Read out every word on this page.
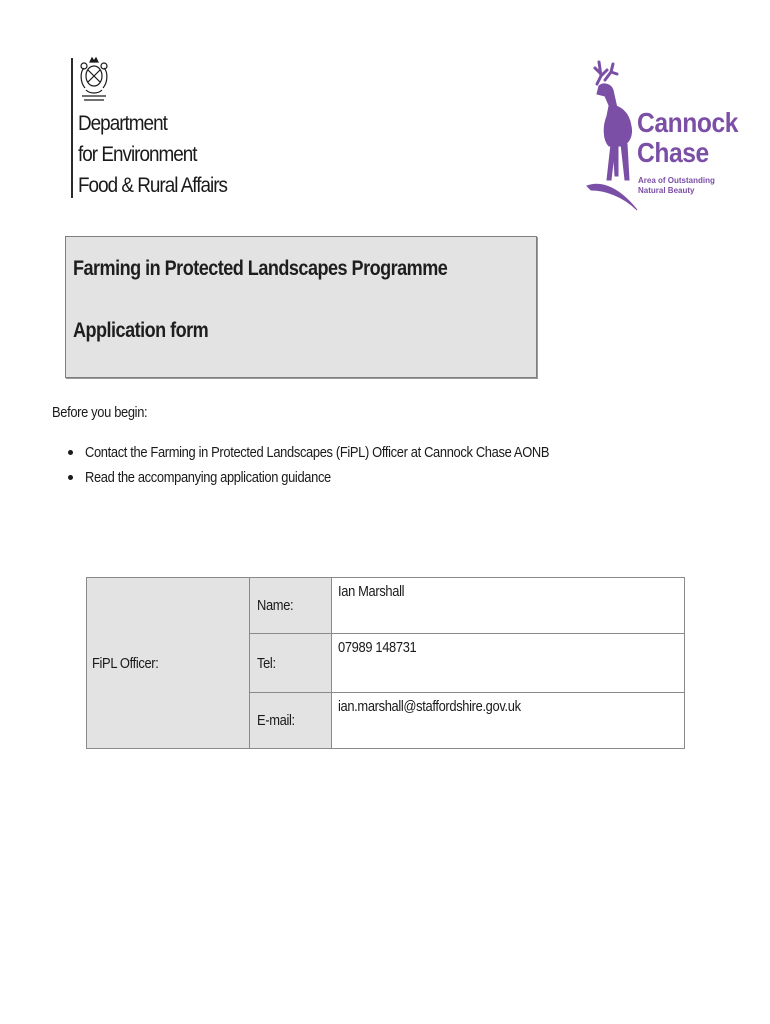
Department
for Environment
Food & Rural Affairs
Cannock
Chase
Area of Outstanding
Natural Beauty
Farming in Protected Landscapes Programme
Application form
Before you begin:
Contact the Farming in Protected Landscapes (FiPL) Officer at Cannock Chase AONB
Read the accompanying application guidance
FiPL Officer:	Name:	Ian Marshall
	Tel:	07989 148731
	E-mail:	ian.marshall@staffordshire.gov.uk
